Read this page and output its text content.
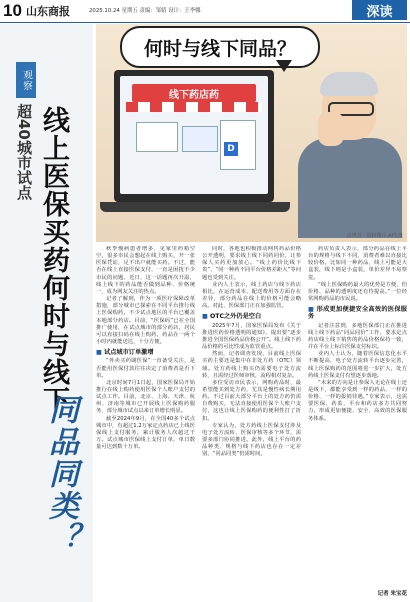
10 山东商报	2025.10.24 星期五 责编：邹婧 设计：王李娜	深读
观察
超40城市试点 线上医保买药何时与线下
同品同类？
何时与线下同品？
线下药店药
D
许世昌 · 资料图片 AI生成

秋季慢病患者增多，见家里药箱空空，很多市民会想起在线上购买，开一张医保凭证，足不出户就能买药。不过，能否在线上直接医保支付，一直是困扰不少市民的问题。近日，这一话题再次升温，线上线下的药品能否做到品种、价格统一，成为网友关注的热点。

记者了解到，作为一项医疗保障改革措施，部分城市已探索在不同平台推行线上医保购药，不少试点地区的平台已覆盖本地部分药店。目前，“医保码”已在全国推广使用，在试点城市的部分药店，居民可以直接扫码在线上购药，药品在一两个小时内就能送达，十分方便。

■ 试点城市订单激增

“外卖买药刷医保”一直备受关注，是否能用医保付款往往决定了消费者是否下单。

北京时间7月1日起，国家医保局开始推行在线上购药使用医保个人账户支付的试点工作。目前，北京、上海、天津、杭州、济南等城市已开展线上医保购药服务，部分城市试点以来订单增长明显。

截至2024年9月，在全国40多个试点城市中，有超过1.2万家定点药店已上线医保线上支付服务，累计服务人次超过千万。试点城市医保线上支付订单，单日数量可达到数十万单。

同时，各地也积极推动网售药品价格公开透明，要求线上线下同药同价，让参保人买药更加放心。“线上药价比线下贵”、“同一种药不同平台价格差距大”等问题也受到关注。

业内人士表示，线上药店与线下药店相比，在运营成本、配送费用等方面存在差异，部分药品在线上的价格可能会略高。对此，医保部门正在加强监管。

■ OTC之外仍是空白

2025年7月，国家医保局发布《关于推进医药价格透明的通知》，提出要“逐步推进全国医保药品价格公开”。线上线下药品价格的可比性成为监管重点。

然而，记者调查发现，目前线上医保买药主要还是集中在非处方药（OTC）领域。处方药线上购买仍需要电子处方流转，且需经过医师审核，流程相对复杂。

多位受访市民表示，网购药品时，最希望能买到处方药，尤其是慢性病长期用药。不过目前大部分平台上的处方药仍需自费购买，无法直接使用医保个人账户支付，这也让线上医保购药的便利性打了折扣。

专家认为，处方药线上医保支付涉及电子处方流转、医保审核等多个环节，需要多部门协同推进。此外，线上平台的药品种类、规格与线下药店也存在一定差别，“同品同类”仍需时间。

药店负责人表示，部分药品在线上平台的规格与线下不同，消费者难以直接比较价格。比如同一种药品，线上可能是大盒装，线下则是小盒装，单价差异不易察觉。

“线上医保购药最大的优势是方便，但价格、品种的透明度还有待提高。”一位经常网购药品的市民说。

■ 形成更加便捷安全高效的医保服务

记者注意到，多地医保部门正在推进线上线下药品“同品同价”工作，要求定点药店线上线下销售的药品价格保持一致，并在平台上标注医保支付标识。

业内人士认为，随着医保信息化水平不断提高，电子处方流转平台逐步完善，线上医保购药的范围将进一步扩大，处方药线上医保支付有望逐步落地。

“未来的方向是让参保人无论在线上还是线下，都能享受到一样的药品、一样的价格、一样的报销待遇。”专家表示，这需要医保、药监、平台和药店多方共同努力，形成更加便捷、安全、高效的医保服务体系。

记者 朱宝花
